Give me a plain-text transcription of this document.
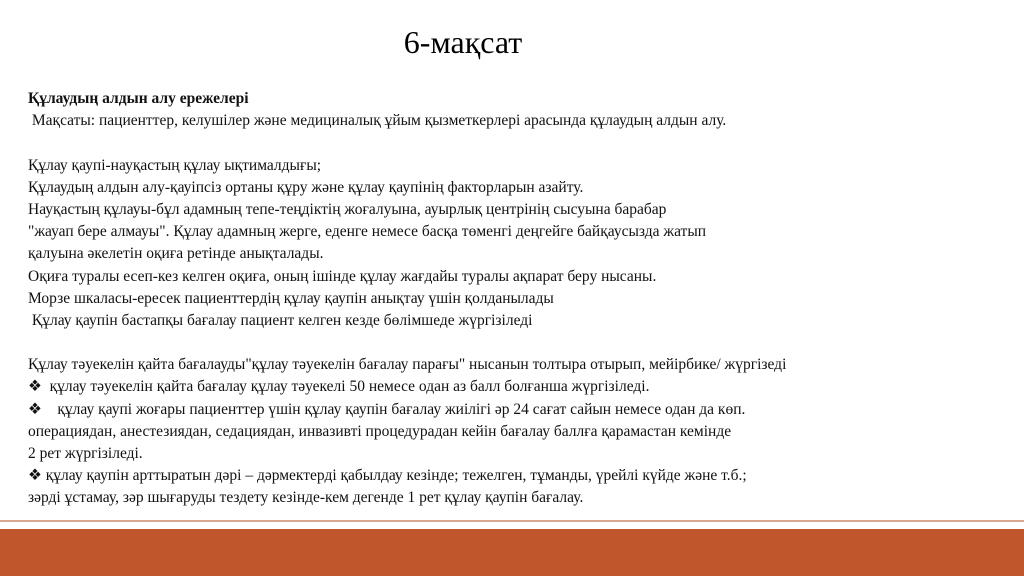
6-мақсат
Құлаудың алдын алу ережелері
Мақсаты: пациенттер, келушілер және медициналық ұйым қызметкерлері арасында құлаудың алдын алу.

Құлау қаупі-науқастың құлау ықтималдығы;
Құлаудың алдын алу-қауіпсіз ортаны құру және құлау қаупінің факторларын азайту.
Науқастың құлауы-бұл адамның тепе-теңдіктің жоғалуына, ауырлық центрінің сысуына барабар
"жауап бере алмауы". Құлау адамның жерге, еденге немесе басқа төменгі деңгейге байқаусызда жатып
қалуына әкелетін оқиға ретінде анықталады.
Оқиға туралы есеп-кез келген оқиға, оның ішінде құлау жағдайы туралы ақпарат беру нысаны.
Морзе шкаласы-ересек пациенттердің құлау қаупін анықтау үшін қолданылады
Құлау қаупін бастапқы бағалау пациент келген кезде бөлімшеде жүргізіледі

Құлау тәуекелін қайта бағалауды"құлау тәуекелін бағалау парағы" нысанын толтыра отырып, мейірбике/ жүргізеді
❖  құлау тәуекелін қайта бағалау құлау тәуекелі 50 немесе одан аз балл болғанша жүргізіледі.
❖    құлау қаупі жоғары пациенттер үшін құлау қаупін бағалау жиілігі әр 24 сағат сайын немесе одан да көп.
операциядан, анестезиядан, седациядан, инвазивті процедурадан кейін бағалау баллға қарамастан кемінде
2 рет жүргізіледі.
❖ құлау қаупін арттыратын дәрі – дәрмектерді қабылдау кезінде; тежелген, тұманды, үрейлі күйде және т.б.;
зәрді ұстамау, зәр шығаруды тездету кезінде-кем дегенде 1 рет құлау қаупін бағалау.
